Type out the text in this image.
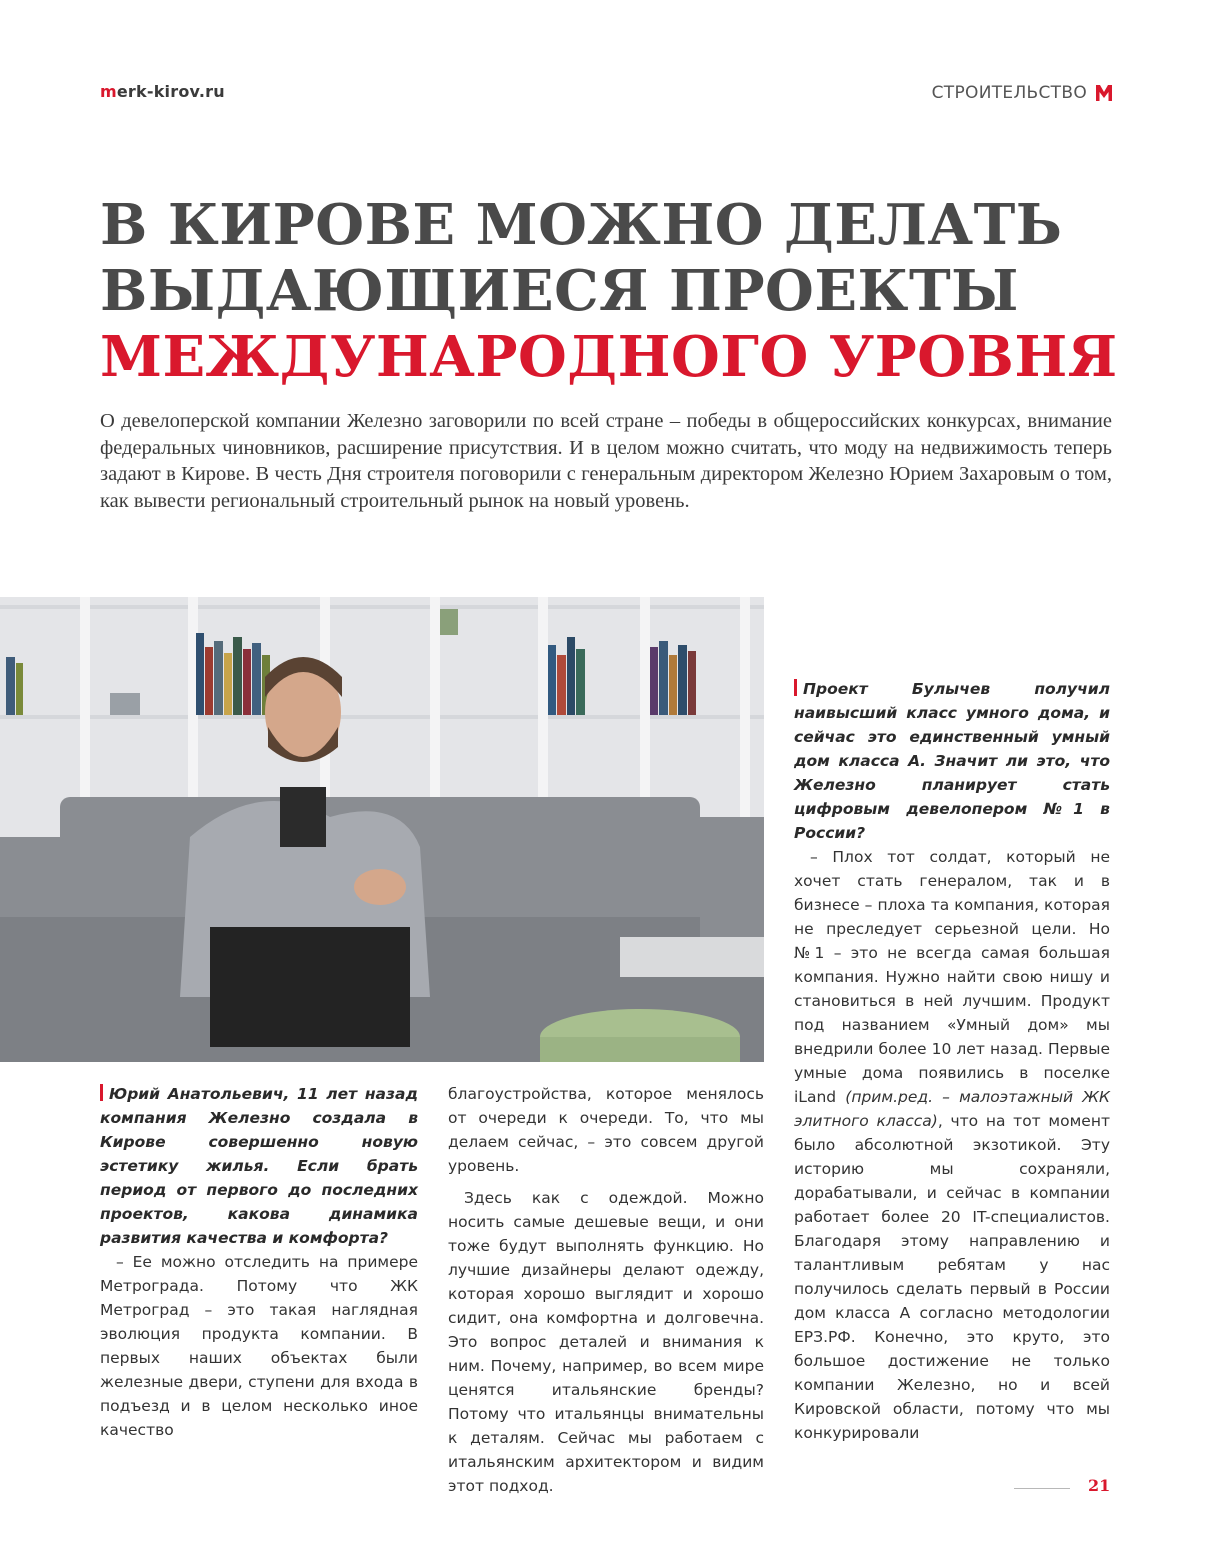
merk-kirov.ru	СТРОИТЕЛЬСТВО
В КИРОВЕ МОЖНО ДЕЛАТЬ
ВЫДАЮЩИЕСЯ ПРОЕКТЫ
МЕЖДУНАРОДНОГО УРОВНЯ

О девелоперской компании Железно заговорили по всей стране – победы в общероссийских конкурсах, внимание федеральных чиновников, расширение присутствия. И в целом можно считать, что моду на недвижимость теперь задают в Кирове. В честь Дня строителя поговорили с генеральным директором Железно Юрием Захаровым о том, как вывести региональный строительный рынок на новый уровень.

Юрий Анатольевич, 11 лет назад компания Железно создала в Кирове совершенно новую эстетику жилья. Если брать период от первого до последних проектов, какова динамика развития качества и комфорта?

– Ее можно отследить на примере Метрограда. Потому что ЖК Метроград – это такая наглядная эволюция продукта компании. В первых наших объектах были железные двери, ступени для входа в подъезд и в целом несколько иное качество

благоустройства, которое менялось от очереди к очереди. То, что мы делаем сейчас, – это совсем другой уровень.

Здесь как с одеждой. Можно носить самые дешевые вещи, и они тоже будут выполнять функцию. Но лучшие дизайнеры делают одежду, которая хорошо выглядит и хорошо сидит, она комфортна и долговечна. Это вопрос деталей и внимания к ним. Почему, например, во всем мире ценятся итальянские бренды? Потому что итальянцы внимательны к деталям. Сейчас мы работаем с итальянским архитектором и видим этот подход.

Проект Булычев получил наивысший класс умного дома, и сейчас это единственный умный дом класса А. Значит ли это, что Железно планирует стать цифровым девелопером №1 в России?

– Плох тот солдат, который не хочет стать генералом, так и в бизнесе – плоха та компания, которая не преследует серьезной цели. Но №1 – это не всегда самая большая компания. Нужно найти свою нишу и становиться в ней лучшим. Продукт под названием «Умный дом» мы внедрили более 10 лет назад. Первые умные дома появились в поселке iLand (прим.ред. – малоэтажный ЖК элитного класса), что на тот момент было абсолютной экзотикой. Эту историю мы сохраняли, дорабатывали, и сейчас в компании работает более 20 IT-специалистов. Благодаря этому направлению и талантливым ребятам у нас получилось сделать первый в России дом класса А согласно методологии ЕРЗ.РФ. Конечно, это круто, это большое достижение не только компании Железно, но и всей Кировской области, потому что мы конкурировали

21
